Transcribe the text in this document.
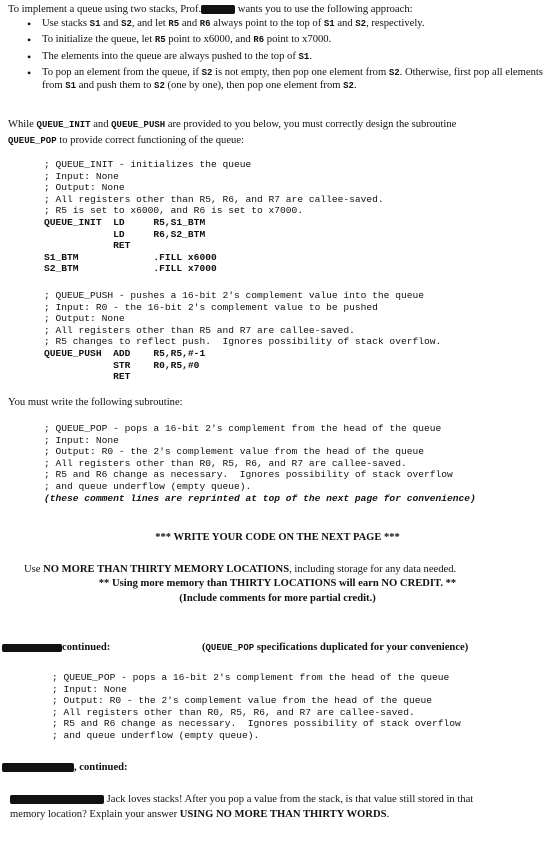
To implement a queue using two stacks, Prof.	wants you to use the following approach:
• Use stacks S1 and S2, and let R5 and R6 always point to the top of S1 and S2, respectively.
• To initialize the queue, let R5 point to x6000, and R6 point to x7000.
• The elements into the queue are always pushed to the top of S1.
• To pop an element from the queue, if S2 is not empty, then pop one element from S2. Otherwise, first pop all elements from S1 and push them to S2 (one by one), then pop one element from S2.
While QUEUE_INIT and QUEUE_PUSH are provided to you below, you must correctly design the subroutine
QUEUE_POP to provide correct functioning of the queue:
; QUEUE_INIT - initializes the queue
; Input: None
; Output: None
; All registers other than R5, R6, and R7 are callee-saved.
; R5 is set to x6000, and R6 is set to x7000.
QUEUE_INIT  LD     R5,S1_BTM
LD     R6,S2_BTM
RET
S1_BTM             .FILL x6000
S2_BTM             .FILL x7000
; QUEUE_PUSH - pushes a 16-bit 2's complement value into the queue
; Input: R0 - the 16-bit 2's complement value to be pushed
; Output: None
; All registers other than R5 and R7 are callee-saved.
; R5 changes to reflect push.  Ignores possibility of stack overflow.
QUEUE_PUSH  ADD    R5,R5,#-1
STR    R0,R5,#0
RET
You must write the following subroutine:
; QUEUE_POP - pops a 16-bit 2's complement from the head of the queue
; Input: None
; Output: R0 - the 2's complement value from the head of the queue
; All registers other than R0, R5, R6, and R7 are callee-saved.
; R5 and R6 change as necessary.  Ignores possibility of stack overflow
; and queue underflow (empty queue).
(these comment lines are reprinted at top of the next page for convenience)
*** WRITE YOUR CODE ON THE NEXT PAGE ***
Use NO MORE THAN THIRTY MEMORY LOCATIONS, including storage for any data needed.
** Using more memory than THIRTY LOCATIONS will earn NO CREDIT. **
(Include comments for more partial credit.)
continued:	(QUEUE_POP specifications duplicated for your convenience)
; QUEUE_POP - pops a 16-bit 2's complement from the head of the queue
; Input: None
; Output: R0 - the 2's complement value from the head of the queue
; All registers other than R0, R5, R6, and R7 are callee-saved.
; R5 and R6 change as necessary.  Ignores possibility of stack overflow
; and queue underflow (empty queue).
, continued:
Jack loves stacks! After you pop a value from the stack, is that value still stored in that
memory location? Explain your answer USING NO MORE THAN THIRTY WORDS.
